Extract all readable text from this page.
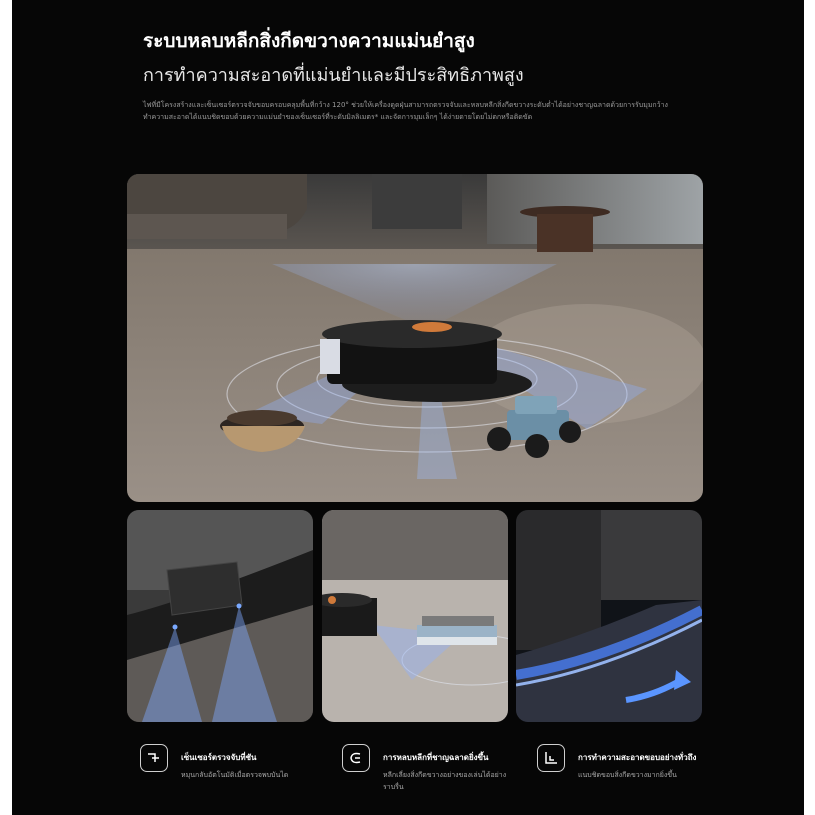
ระบบหลบหลีกสิ่งกีดขวางความแม่นยำสูง
การทำความสะอาดที่แม่นยำและมีประสิทธิภาพสูง
ไฟที่มีโครงสร้างและเซ็นเซอร์ตรวจจับขอบครอบคลุมพื้นที่กว้าง 120° ช่วยให้เครื่องดูดฝุ่นสามารถตรวจจับและหลบหลีกสิ่งกีดขวางระดับต่ำได้อย่างชาญฉลาดด้วยการรับมุมกว้าง ทำความสะอาดได้แนบชิดขอบด้วยความแม่นยำของเซ็นเซอร์ที่ระดับมิลลิเมตร* และจัดการมุมเล็กๆ ได้ง่ายดายโดยไม่ตกหรือติดขัด
เซ็นเซอร์ตรวจจับที่ชัน
หมุนกลับอัตโนมัติเมื่อตรวจพบบันได
การหลบหลีกที่ชาญฉลาดยิ่งขึ้น
หลีกเลี่ยงสิ่งกีดขวางอย่างของเล่นได้อย่างราบรื่น
การทำความสะอาดขอบอย่างทั่วถึง
แนบชิดขอบสิ่งกีดขวางมากยิ่งขึ้น
